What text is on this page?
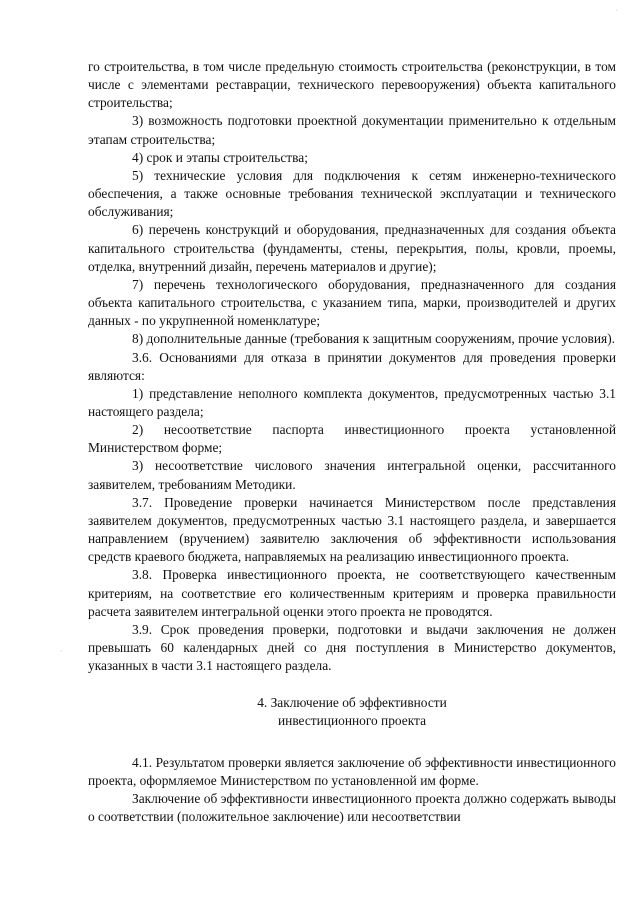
·
·

го строительства, в том числе предельную стоимость строительства (реконструкции, в том числе с элементами реставрации, технического перевооружения) объекта капитального строительства;

3) возможность подготовки проектной документации применительно к отдельным этапам строительства;

4) срок и этапы строительства;

5) технические условия для подключения к сетям инженерно-технического обеспечения, а также основные требования технической эксплуатации и технического обслуживания;

6) перечень конструкций и оборудования, предназначенных для создания объекта капитального строительства (фундаменты, стены, перекрытия, полы, кровли, проемы, отделка, внутренний дизайн, перечень материалов и другие);

7) перечень технологического оборудования, предназначенного для создания объекта капитального строительства, с указанием типа, марки, производителей и других данных - по укрупненной номенклатуре;

8) дополнительные данные (требования к защитным сооружениям, прочие условия).

3.6. Основаниями для отказа в принятии документов для проведения проверки являются:

1) представление неполного комплекта документов, предусмотренных частью 3.1 настоящего раздела;

2) несоответствие паспорта инвестиционного проекта установленной Министерством форме;

3) несоответствие числового значения интегральной оценки, рассчитанного заявителем, требованиям Методики.

3.7. Проведение проверки начинается Министерством после представления заявителем документов, предусмотренных частью 3.1 настоящего раздела, и завершается направлением (вручением) заявителю заключения об эффективности использования средств краевого бюджета, направляемых на реализацию инвестиционного проекта.

3.8. Проверка инвестиционного проекта, не соответствующего качественным критериям, на соответствие его количественным критериям и проверка правильности расчета заявителем интегральной оценки этого проекта не проводятся.

3.9. Срок проведения проверки, подготовки и выдачи заключения не должен превышать 60 календарных дней со дня поступления в Министерство документов, указанных в части 3.1 настоящего раздела.

4. Заключение об эффективности
инвестиционного проекта

4.1. Результатом проверки является заключение об эффективности инвестиционного проекта, оформляемое Министерством по установленной им форме.

Заключение об эффективности инвестиционного проекта должно содержать выводы о соответствии (положительное заключение) или несоответствии
